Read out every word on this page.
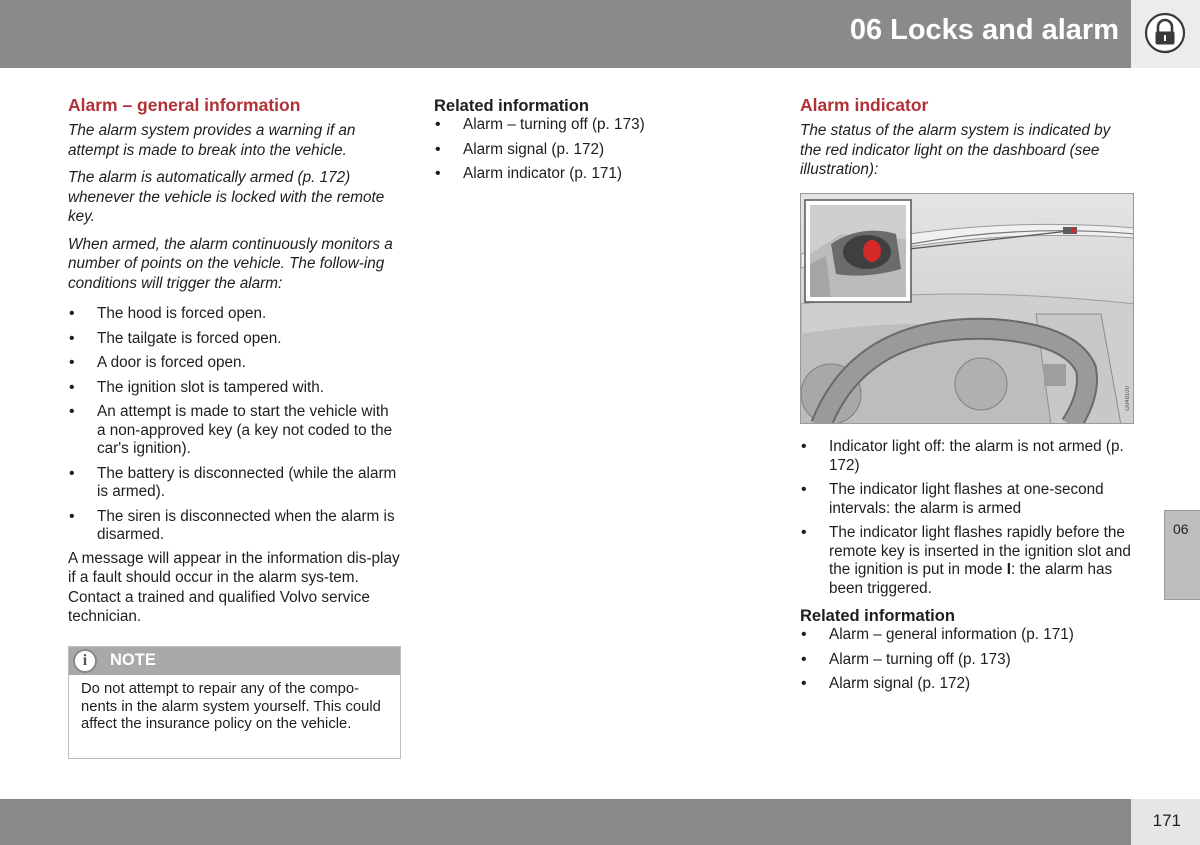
06 Locks and alarm
Alarm – general information

The alarm system provides a warning if an attempt is made to break into the vehicle.

The alarm is automatically armed (p. 172) whenever the vehicle is locked with the remote key.

When armed, the alarm continuously monitors a number of points on the vehicle. The follow-ing conditions will trigger the alarm:

• The hood is forced open.
• The tailgate is forced open.
• A door is forced open.
• The ignition slot is tampered with.
• An attempt is made to start the vehicle with a non-approved key (a key not coded to the car's ignition).
• The battery is disconnected (while the alarm is armed).
• The siren is disconnected when the alarm is disarmed.

A message will appear in the information dis-play if a fault should occur in the alarm sys-tem. Contact a trained and qualified Volvo service technician.

i	NOTE
Do not attempt to repair any of the compo-nents in the alarm system yourself. This could affect the insurance policy on the vehicle.
Related information
• Alarm – turning off (p. 173)
• Alarm signal (p. 172)
• Alarm indicator (p. 171)
Alarm indicator

The status of the alarm system is indicated by the red indicator light on the dashboard (see illustration):

G048100
• Indicator light off: the alarm is not armed (p. 172)
• The indicator light flashes at one-second intervals: the alarm is armed
• The indicator light flashes rapidly before the remote key is inserted in the ignition slot and the ignition is put in mode I: the alarm has been triggered.
Related information
• Alarm – general information (p. 171)
• Alarm – turning off (p. 173)
• Alarm signal (p. 172)
06
171
